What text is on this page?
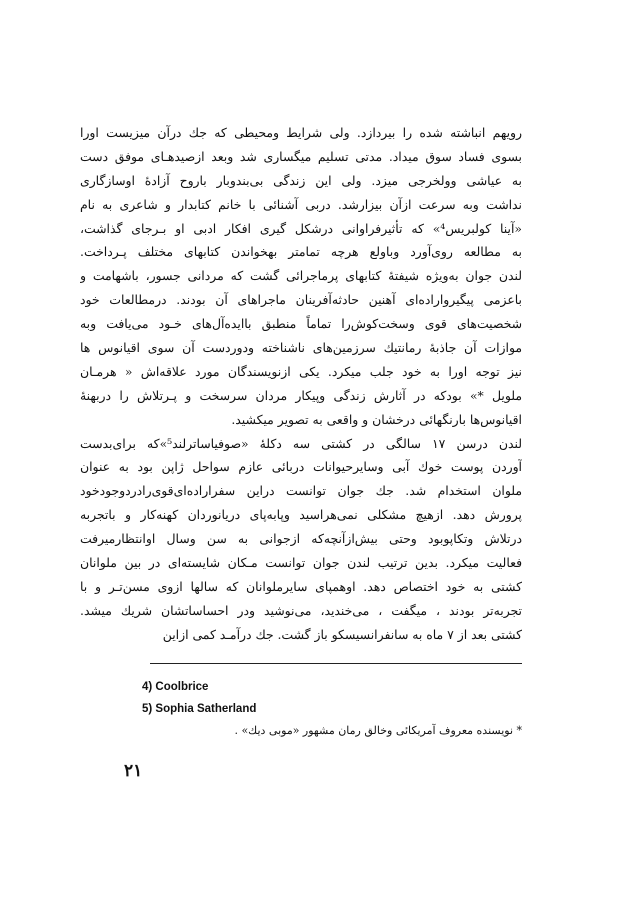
رویهم انباشته شده را بیردازد. ولی شرایط ومحیطی که جك درآن میزیست اورا
بسوی فساد سوق میداد. مدتی تسلیم میگساری شد وبعد ازصیدهـای موفق دست
به عیاشی وولخرجی میزد. ولی این زندگی بی‌بندوبار باروح آزادۀ اوسازگاری
نداشت وبه سرعت ازآن بیزارشد. دربی آشنائی با خانم کتابدار و شاعری به نام
«آینا کولبریس⁴» که تأثیرفراوانی درشکل گیری افکار ادبی او بـرجای گذاشت،
به مطالعه روی‌آورد وباولع هرچه تمامتر بهخواندن کتابهای مختلف پـرداخت.
لندن جوان به‌ویژه شیفتۀ کتابهای پرماجرائی گشت که مردانی جسور، باشهامت و
باعزمی پیگیرواراده‌ای آهنین حادثه‌آفرینان ماجراهای آن بودند. درمطالعات خود
شخصیت‌های قوی وسخت‌کوش‌را تماماً منطبق باایده‌آل‌های خـود می‌یافت وبه
موازات آن جاذبۀ رمانتیك سرزمین‌های ناشناخته ودوردست آن سوی اقیانوس ها
نیز توجه اورا به خود جلب میکرد. یکی ازنویسندگان مورد علاقه‌اش « هرمـان
ملویل *» بودکه در آثارش زندگی وپیکار مردان سرسخت و پـرتلاش را دربهنۀ
اقیانوس‌ها بارنگهائی درخشان و واقعی به تصویر میکشید.
لندن درسن ۱۷ سالگی در کشتی سه دکلۀ «صوفیاساترلند⁵»که برای‌بدست
آوردن پوست خوك آبی وسایرحیوانات دربائی عازم سواحل ژاپن بود به عنوان
ملوان استخدام شد. جك جوان توانست دراین سفراراده‌ای‌قوی‌رادردوجودخود
پرورش دهد. ازهیچ مشکلی نمی‌هراسید وپابه‌پای دریانوردان کهنه‌کار و باتجربه
درتلاش وتکاپوبود وحتی بیش‌ازآنچه‌که ازجوانی به سن وسال اوانتظارمیرفت
فعالیت میکرد. بدین ترتیب لندن جوان توانست مـکان شایسته‌ای در بین ملوانان
کشتی به خود اختصاص دهد. اوهمپای سایرملوانان که سالها ازوی مسن‌تـر و با
تجربه‌تر بودند ، میگفت ، می‌خندید، می‌نوشید ودر احساساتشان شریك میشد.
کشتی بعد از ۷ ماه به سانفرانسیسکو باز گشت. جك درآمـد کمی ازاین
4) Coolbrice
5) Sophia Satherland
* نویسنده معروف آمریکائی وخالق رمان مشهور «موبی دیك» .
۲۱
